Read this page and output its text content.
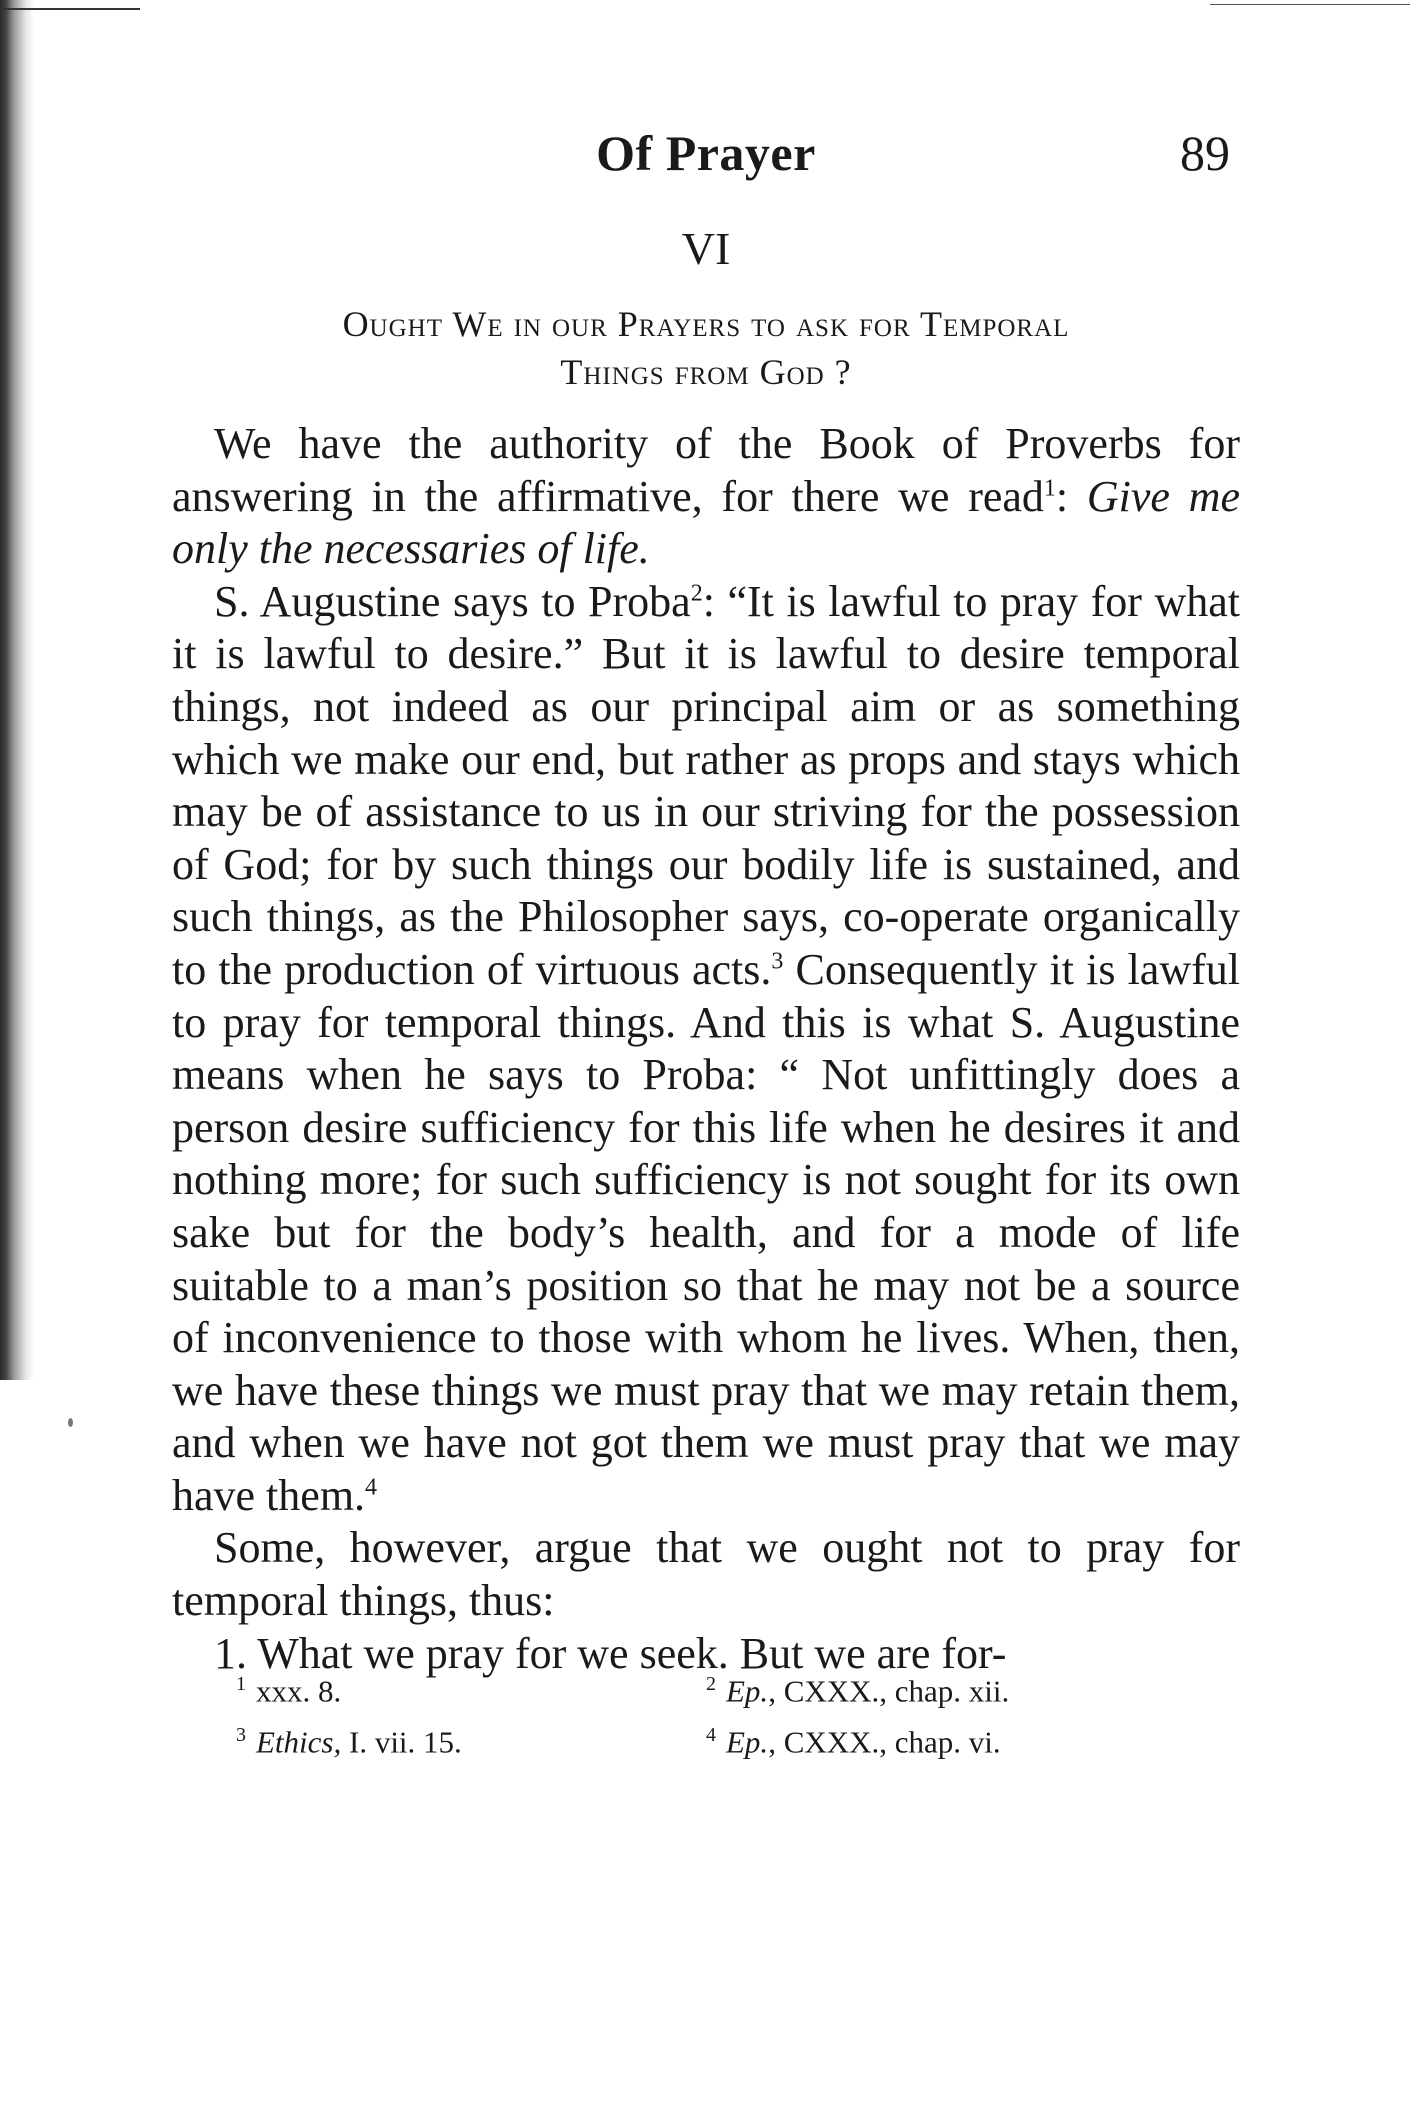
Of Prayer	89
VI
Ought We in our Prayers to ask for Temporal
Things from God ?

We have the authority of the Book of Proverbs for answering in the affirmative, for there we read$^1$: Give me only the necessaries of life.

S. Augustine says to Proba$^2$: “It is lawful to pray for what it is lawful to desire.” But it is lawful to desire temporal things, not indeed as our principal aim or as something which we make our end, but rather as props and stays which may be of assistance to us in our striving for the possession of God; for by such things our bodily life is sustained, and such things, as the Philosopher says, co-operate organically to the production of virtuous acts.$^3$ Consequently it is lawful to pray for temporal things. And this is what S. Augustine means when he says to Proba: “ Not unfittingly does a person desire sufficiency for this life when he desires it and nothing more; for such sufficiency is not sought for its own sake but for the body’s health, and for a mode of life suitable to a man’s position so that he may not be a source of inconvenience to those with whom he lives. When, then, we have these things we must pray that we may retain them, and when we have not got them we must pray that we may have them.$^4$

Some, however, argue that we ought not to pray for temporal things, thus:

1. What we pray for we seek. But we are for-

$^1$ xxx. 8.	$^2$ Ep., CXXX., chap. xii.
$^3$ Ethics, I. vii. 15.	$^4$ Ep., CXXX., chap. vi.
